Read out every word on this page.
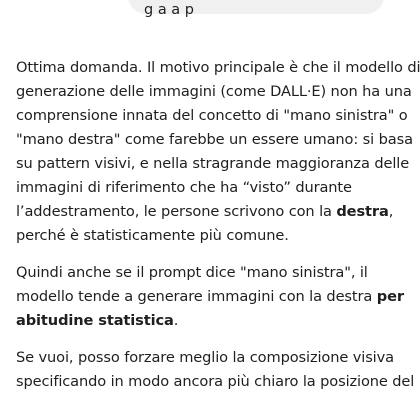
g a a p

Ottima domanda. Il motivo principale è che il modello di
generazione delle immagini (come DALL·E) non ha una
comprensione innata del concetto di "mano sinistra" o
"mano destra" come farebbe un essere umano: si basa
su pattern visivi, e nella stragrande maggioranza delle
immagini di riferimento che ha “visto” durante
l’addestramento, le persone scrivono con la destra,
perché è statisticamente più comune.

Quindi anche se il prompt dice "mano sinistra", il
modello tende a generare immagini con la destra per
abitudine statistica.

Se vuoi, posso forzare meglio la composizione visiva
specificando in modo ancora più chiaro la posizione del
